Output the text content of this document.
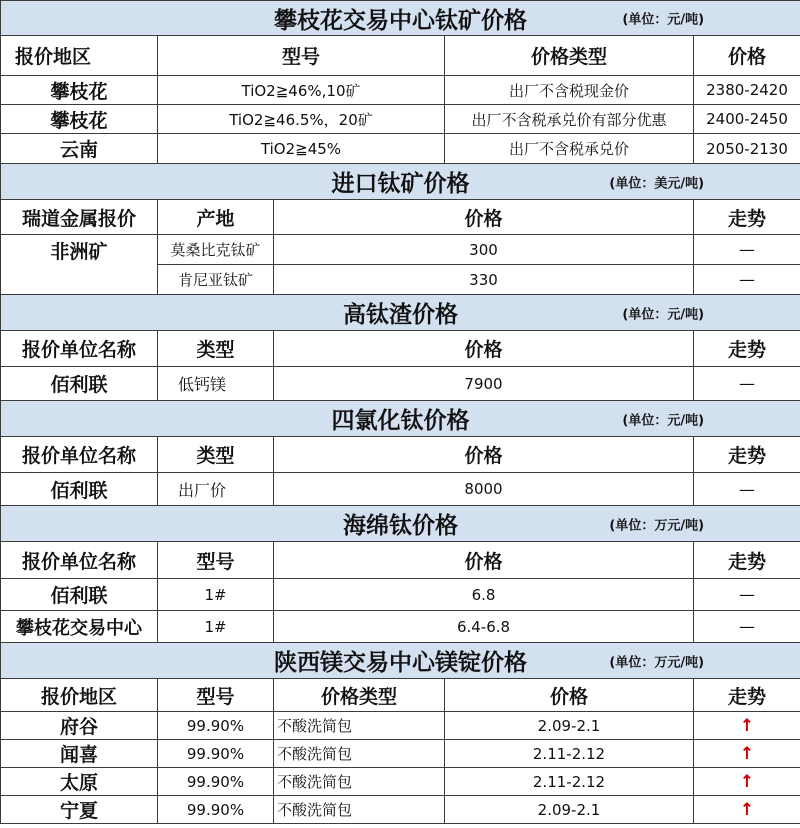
攀枝花交易中心钛矿价格 (单位：元/吨)				

报价地区	型号		价格类型	价格
攀枝花	TiO2≧46%,10矿		出厂不含税现金价	2380-2420
攀枝花	TiO2≧46.5%，20矿		出厂不含税承兑价有部分优惠	2400-2450
云南	TiO2≧45%		出厂不含税承兑价	2050-2130
进口钛矿价格 (单位：美元/吨)				

瑞道金属报价	产地	价格		走势
非洲矿	莫桑比克钛矿	300		—
	肯尼亚钛矿	330		—
高钛渣价格 (单位：元/吨)				

报价单位名称	类型	价格		走势
佰利联	低钙镁	7900		—
四氯化钛价格 (单位：元/吨)				

报价单位名称	类型	价格		走势
佰利联	出厂价	8000		—
海绵钛价格 (单位：万元/吨)				

报价单位名称	型号	价格		走势
佰利联	1#	6.8		—
攀枝花交易中心	1#	6.4-6.8		—
陕西镁交易中心镁锭价格 (单位：万元/吨)				

报价地区	型号	价格类型	价格	走势
府谷	99.90%	不酸洗简包	2.09-2.1	↑
闻喜	99.90%	不酸洗简包	2.11-2.12	↑
太原	99.90%	不酸洗简包	2.11-2.12	↑
宁夏	99.90%	不酸洗简包	2.09-2.1	↑
